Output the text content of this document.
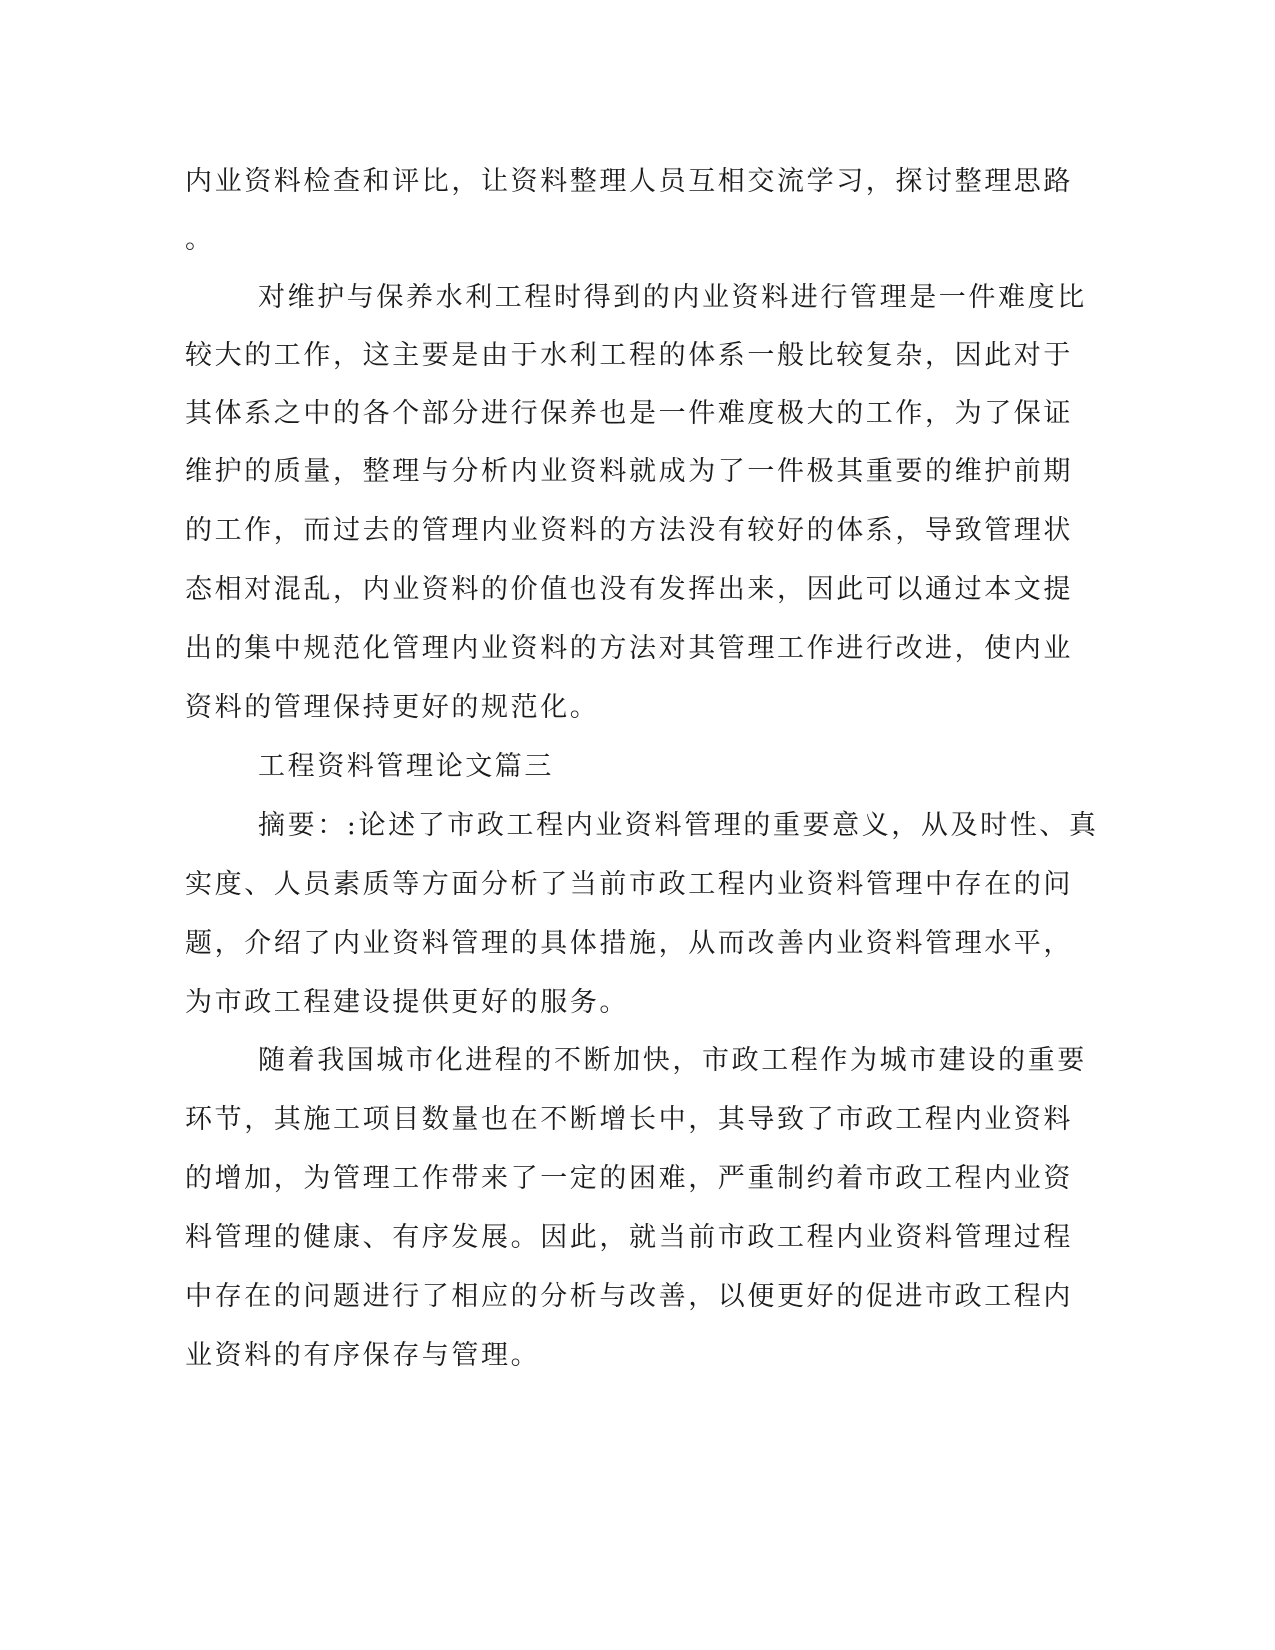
内业资料检查和评比，让资料整理人员互相交流学习，探讨整理思路
。
对维护与保养水利工程时得到的内业资料进行管理是一件难度比
较大的工作，这主要是由于水利工程的体系一般比较复杂，因此对于
其体系之中的各个部分进行保养也是一件难度极大的工作，为了保证
维护的质量，整理与分析内业资料就成为了一件极其重要的维护前期
的工作，而过去的管理内业资料的方法没有较好的体系，导致管理状
态相对混乱，内业资料的价值也没有发挥出来，因此可以通过本文提
出的集中规范化管理内业资料的方法对其管理工作进行改进，使内业
资料的管理保持更好的规范化。
工程资料管理论文篇三
摘要：:论述了市政工程内业资料管理的重要意义，从及时性、真
实度、人员素质等方面分析了当前市政工程内业资料管理中存在的问
题，介绍了内业资料管理的具体措施，从而改善内业资料管理水平，
为市政工程建设提供更好的服务。
随着我国城市化进程的不断加快，市政工程作为城市建设的重要
环节，其施工项目数量也在不断增长中，其导致了市政工程内业资料
的增加，为管理工作带来了一定的困难，严重制约着市政工程内业资
料管理的健康、有序发展。因此，就当前市政工程内业资料管理过程
中存在的问题进行了相应的分析与改善，以便更好的促进市政工程内
业资料的有序保存与管理。
